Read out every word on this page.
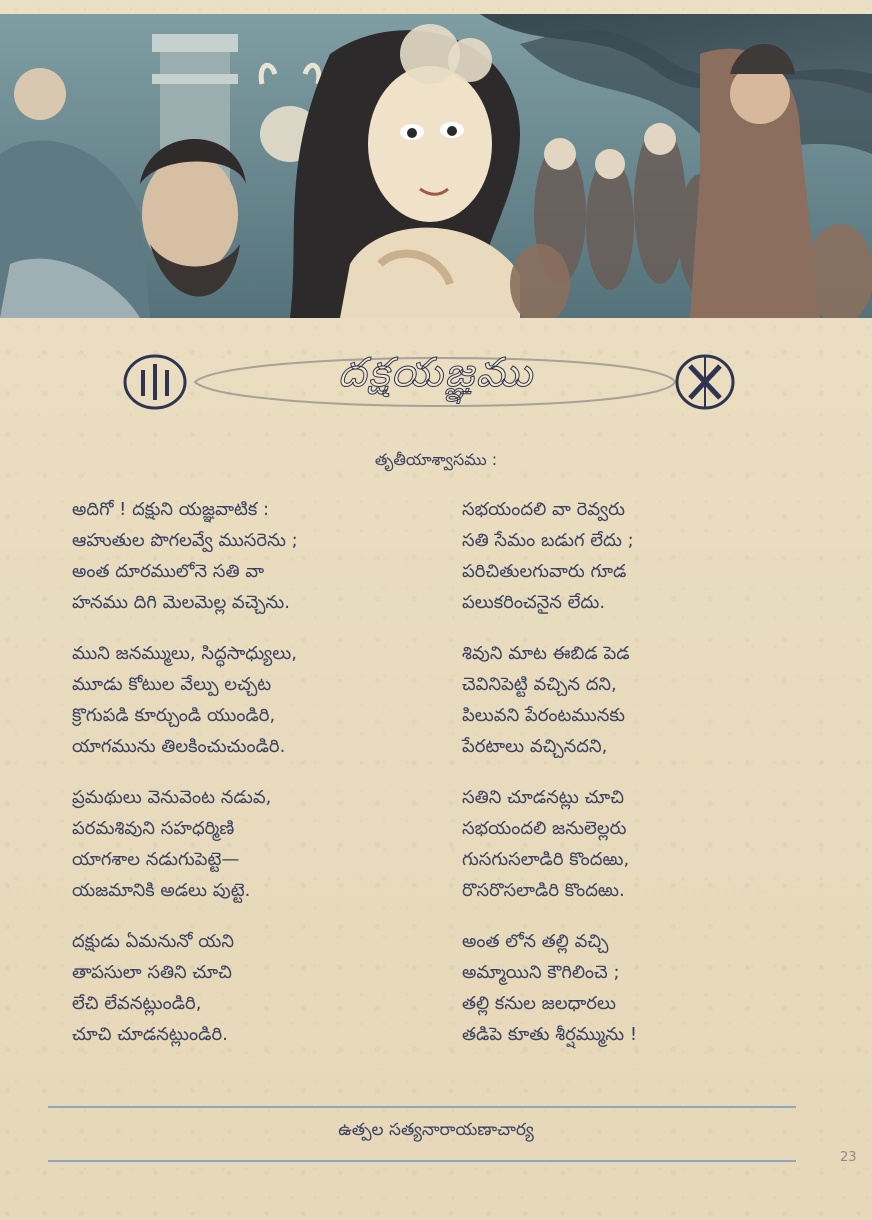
దక్షయజ్ఞము
తృతీయాశ్వాసము :
అదిగో ! దక్షుని యజ్ఞవాటిక :
ఆహుతుల పొగలవ్వే ముసరెను ;
అంత దూరములోనె సతి వా
హనము దిగి మెలమెల్ల వచ్చెను.
ముని జనమ్ములు, సిద్ధసాధ్యులు,
మూడు కోటుల వేల్పు లచ్చట
క్రొగుపడి కూర్చుండి యుండిరి,
యాగమును తిలకించుచుండిరి.
ప్రమథులు వెనువెంట నడువ,
పరమశివుని సహధర్మిణి
యాగశాల నడుగుపెట్టె—
యజమానికి అడలు పుట్టె.
దక్షుడు ఏమనునో యని
తాపసులా సతిని చూచి
లేచి లేవనట్లుండిరి,
చూచి చూడనట్లుండిరి.
సభయందలి వా రెవ్వరు
సతి సేమం బడుగ లేదు ;
పరిచితులగువారు గూడ
పలుకరించనైన లేదు.
శివుని మాట ఈబిడ పెడ
చెవినిపెట్టి వచ్చిన దని,
పిలువని పేరంటమునకు
పేరటాలు వచ్చినదని,
సతిని చూడనట్లు చూచి
సభయందలి జనులెల్లరు
గుసగుసలాడిరి కొందఱు,
రొసరొసలాడిరి కొందఱు.
అంత లోన తల్లి వచ్చి
అమ్మాయిని కౌగిలించె ;
తల్లి కనుల జలధారలు
తడిపె కూతు శీర్షమ్మును !
ఉత్పల సత్యనారాయణాచార్య
23
